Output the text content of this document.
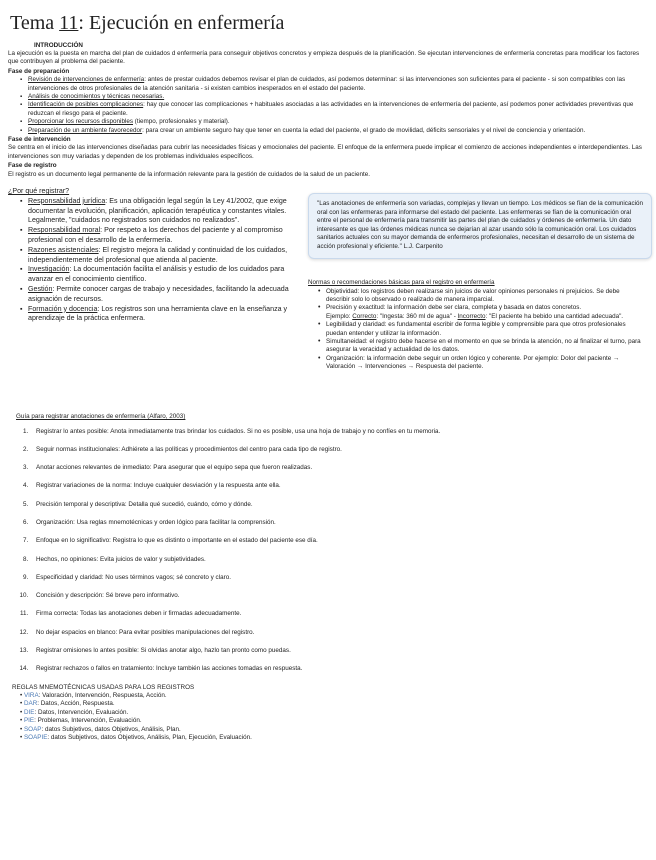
Tema 11: Ejecución en enfermería
INTRODUCCIÓN

La ejecución es la puesta en marcha del plan de cuidados d enfermería para conseguir objetivos concretos y empieza después de la planificación. Se ejecutan intervenciones de enfermería concretas para modificar los factores que contribuyen al problema del paciente.

Fase de preparación
▪ Revisión de intervenciones de enfermería: antes de prestar cuidados debemos revisar el plan de cuidados, así podemos determinar: si las intervenciones son suficientes para el paciente - si son compatibles con las intervenciones de otros profesionales de la atención sanitaria - si existen cambios inesperados en el estado del paciente.
▪ Análisis de conocimientos y técnicas necesarias.
▪ Identificación de posibles complicaciones: hay que conocer las complicaciones + habituales asociadas a las actividades en la intervenciones de enfermería del paciente, así podemos poner actividades preventivas que reduzcan el riesgo para el paciente.
▪ Proporcionar los recursos disponibles (tiempo, profesionales y material).
▪ Preparación de un ambiente favorecedor: para crear un ambiente seguro hay que tener en cuenta la edad del paciente, el grado de movilidad, déficits sensoriales y el nivel de conciencia y orientación.
Fase de intervención

Se centra en el inicio de las intervenciones diseñadas para cubrir las necesidades físicas y emocionales del paciente. El enfoque de la enfermera puede implicar el comienzo de acciones independientes e interdependientes. Las intervenciones son muy variadas y dependen de los problemas individuales específicos.

Fase de registro

El registro es un documento legal permanente de la información relevante para la gestión de cuidados de la salud de un paciente.

¿Por qué registrar?
▪ Responsabilidad jurídica: Es una obligación legal según la Ley 41/2002, que exige documentar la evolución, planificación, aplicación terapéutica y constantes vitales. Legalmente, "cuidados no registrados son cuidados no realizados".
▪ Responsabilidad moral: Por respeto a los derechos del paciente y al compromiso profesional con el desarrollo de la enfermería.
▪ Razones asistenciales: El registro mejora la calidad y continuidad de los cuidados, independientemente del profesional que atienda al paciente.
▪ Investigación: La documentación facilita el análisis y estudio de los cuidados para avanzar en el conocimiento científico.
▪ Gestión: Permite conocer cargas de trabajo y necesidades, facilitando la adecuada asignación de recursos.
▪ Formación y docencia: Los registros son una herramienta clave en la enseñanza y aprendizaje de la práctica enfermera.
"Las anotaciones de enfermería son variadas, complejas y llevan un tiempo. Los médicos se fían de la comunicación oral con las enfermeras para informarse del estado del paciente. Las enfermeras se fían de la comunicación oral entre el personal de enfermería para transmitir las partes del plan de cuidados y órdenes de enfermería. Un dato interesante es que las órdenes médicas nunca se dejarían al azar usando sólo la comunicación oral. Los cuidados sanitarios actuales con su mayor demanda de enfermeros profesionales, necesitan el desarrollo de un sistema de acción profesional y eficiente." L.J. Carpenito
Normas o recomendaciones básicas para el registro en enfermería
• Objetividad: los registros deben realizarse sin juicios de valor opiniones personales ni prejuicios. Se debe describir solo lo observado o realizado de manera imparcial.
• Precisión y exactitud: la información debe ser clara, completa y basada en datos concretos.
Ejemplo: Correcto: "Ingesta: 360 ml de agua" - Incorrecto: "El paciente ha bebido una cantidad adecuada".
• Legibilidad y claridad: es fundamental escribir de forma legible y comprensible para que otros profesionales puedan entender y utilizar la información.
• Simultaneidad: el registro debe hacerse en el momento en que se brinda la atención, no al finalizar el turno, para asegurar la veracidad y actualidad de los datos.
• Organización: la información debe seguir un orden lógico y coherente. Por ejemplo: Dolor del paciente → Valoración → Intervenciones → Respuesta del paciente.
Guía para registrar anotaciones de enfermería (Alfaro, 2003)
1. Registrar lo antes posible: Anota inmediatamente tras brindar los cuidados. Si no es posible, usa una hoja de trabajo y no confíes en tu memoria.
2. Seguir normas institucionales: Adhiérete a las políticas y procedimientos del centro para cada tipo de registro.
3. Anotar acciones relevantes de inmediato: Para asegurar que el equipo sepa que fueron realizadas.
4. Registrar variaciones de la norma: Incluye cualquier desviación y la respuesta ante ella.
5. Precisión temporal y descriptiva: Detalla qué sucedió, cuándo, cómo y dónde.
6. Organización: Usa reglas mnemotécnicas y orden lógico para facilitar la comprensión.
7. Enfoque en lo significativo: Registra lo que es distinto o importante en el estado del paciente ese día.
8. Hechos, no opiniones: Evita juicios de valor y subjetividades.
9. Especificidad y claridad: No uses términos vagos; sé concreto y claro.
10. Concisión y descripción: Sé breve pero informativo.
11. Firma correcta: Todas las anotaciones deben ir firmadas adecuadamente.
12. No dejar espacios en blanco: Para evitar posibles manipulaciones del registro.
13. Registrar omisiones lo antes posible: Si olvidas anotar algo, hazlo tan pronto como puedas.
14. Registrar rechazos o fallos en tratamiento: Incluye también las acciones tomadas en respuesta.
REGLAS MNEMOTÉCNICAS USADAS PARA LOS REGISTROS
• VIRA: Valoración, Intervención, Respuesta, Acción.
• DAR: Datos, Acción, Respuesta.
• DIE: Datos, Intervención, Evaluación.
• PIE: Problemas, Intervención, Evaluación.
• SOAP: datos Subjetivos, datos Objetivos, Análisis, Plan.
• SOAPIE: datos Subjetivos, datos Objetivos, Análisis, Plan, Ejecución, Evaluación.
